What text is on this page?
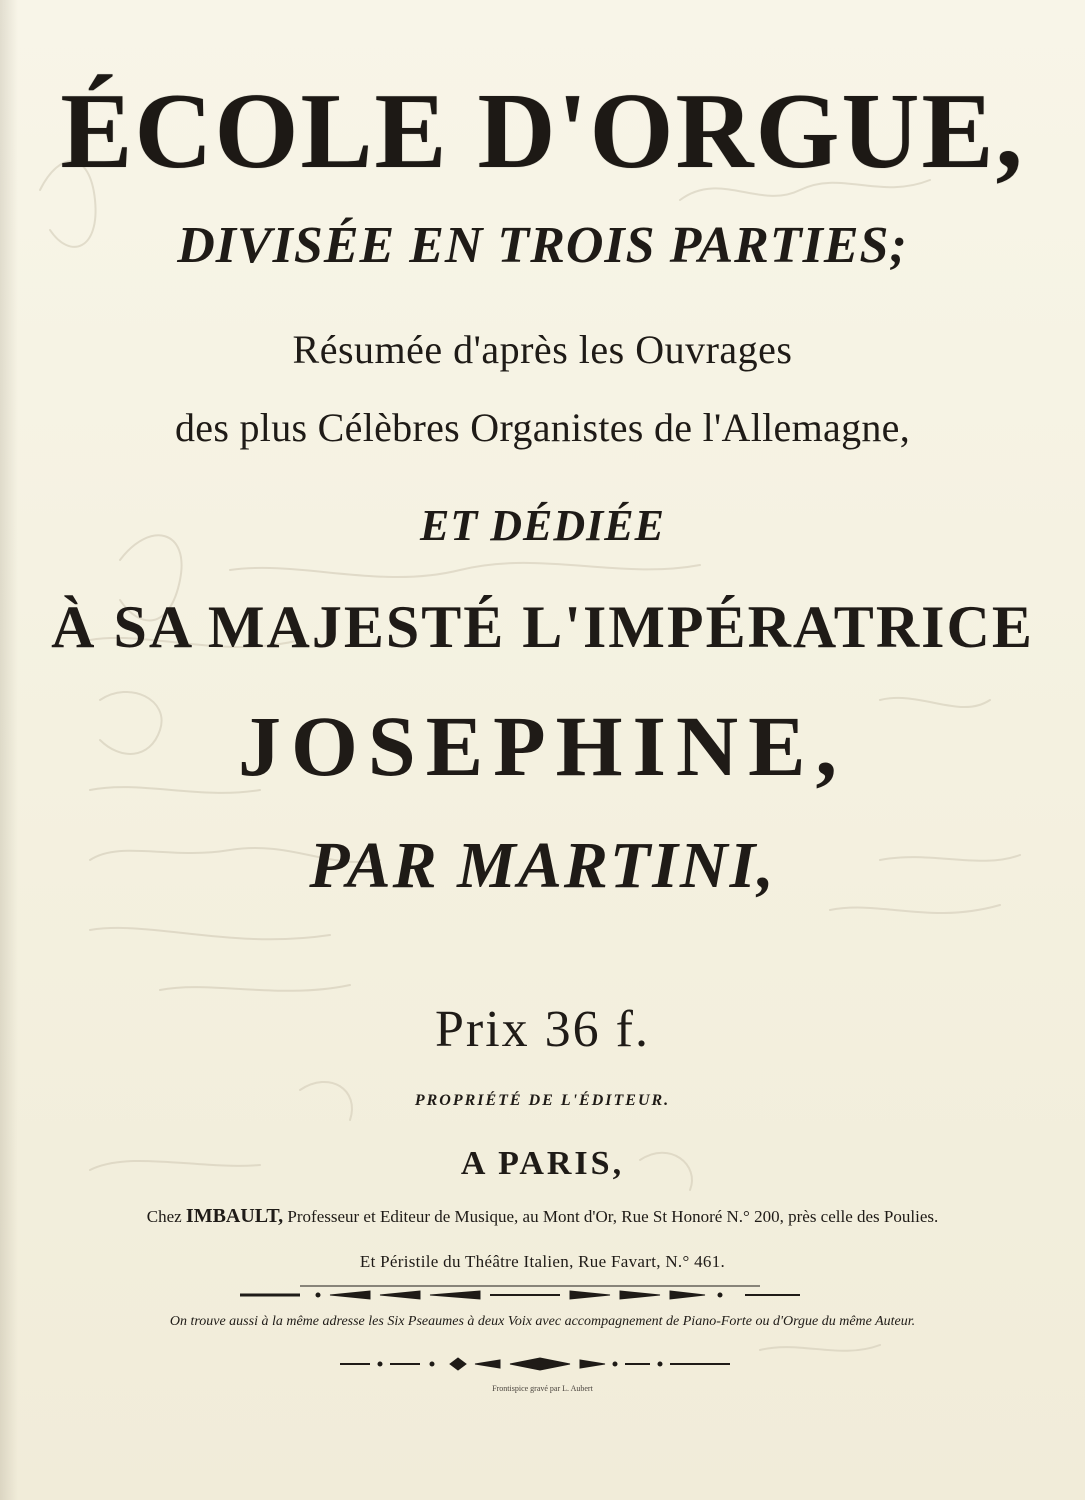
ÉCOLE D'ORGUE,

DIVISÉE EN TROIS PARTIES;

Résumée d'après les Ouvrages

des plus Célèbres Organistes de l'Allemagne,

ET DÉDIÉE

À SA MAJESTÉ L'IMPÉRATRICE

JOSEPHINE,

PAR MARTINI,

Prix 36 f.

PROPRIÉTÉ DE L'ÉDITEUR.

A PARIS,

Chez IMBAULT, Professeur et Editeur de Musique, au Mont d'Or, Rue St Honoré N.° 200, près celle des Poulies.

Et Péristile du Théâtre Italien, Rue Favart, N.° 461.

On trouve aussi à la même adresse les Six Pseaumes à deux Voix avec accompagnement de Piano-Forte ou d'Orgue du même Auteur.

Frontispice gravé par L. Aubert
